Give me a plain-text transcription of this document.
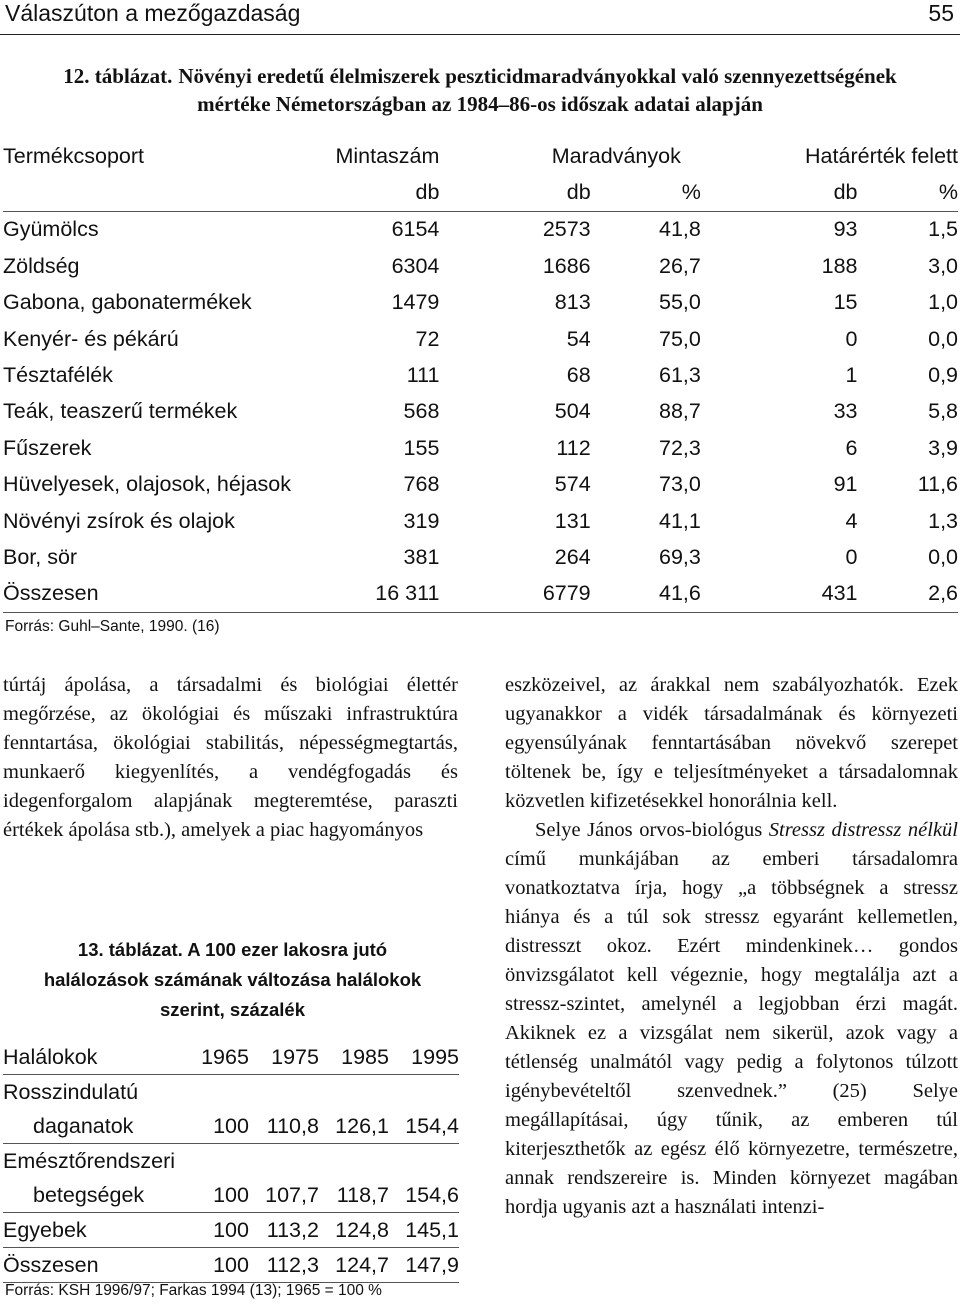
Válaszúton a mezőgazdaság	55
12. táblázat. Növényi eredetű élelmiszerek peszticidmaradványokkal való szennyezettségének
mértéke Németországban az 1984–86-os időszak adatai alapján
Termékcsoport	Mintaszám	Maradványok		Határérték felett	
	db	db	%	db	%
Gyümölcs	6154	2573	41,8	93	1,5
Zöldség	6304	1686	26,7	188	3,0
Gabona, gabonatermékek	1479	813	55,0	15	1,0
Kenyér- és pékárú	72	54	75,0	0	0,0
Tésztafélék	111	68	61,3	1	0,9
Teák, teaszerű termékek	568	504	88,7	33	5,8
Fűszerek	155	112	72,3	6	3,9
Hüvelyesek, olajosok, héjasok	768	574	73,0	91	11,6
Növényi zsírok és olajok	319	131	41,1	4	1,3
Bor, sör	381	264	69,3	0	0,0
Összesen	16 311	6779	41,6	431	2,6
Forrás: Guhl–Sante, 1990. (16)

túrtáj ápolása, a társadalmi és biológiai élettér megőrzése, az ökológiai és műszaki infrastruktúra fenntartása, ökológiai stabilitás, népességmegtartás, munkaerő kiegyenlítés, a vendégfogadás és idegenforgalom alapjának megteremtése, paraszti értékek ápolása stb.), amelyek a piac hagyományos

13. táblázat. A 100 ezer lakosra jutó
halálozások számának változása halálokok
szerint, százalék
Halálokok	1965	1975	1985	1995
Rosszindulatú				
daganatok	100	110,8	126,1	154,4
Emésztőrendszeri				
betegségek	100	107,7	118,7	154,6
Egyebek	100	113,2	124,8	145,1
Összesen	100	112,3	124,7	147,9
Forrás: KSH 1996/97; Farkas 1994 (13); 1965 = 100 %

eszközeivel, az árakkal nem szabályozhatók. Ezek ugyanakkor a vidék társadalmának és környezeti egyensúlyának fenntartásában növekvő szerepet töltenek be, így e teljesítményeket a társadalomnak közvetlen kifizetésekkel honorálnia kell.

Selye János orvos-biológus Stressz distressz nélkül című munkájában az emberi társadalomra vonatkoztatva írja, hogy „a többségnek a stressz hiánya és a túl sok stressz egyaránt kellemetlen, distresszt okoz. Ezért mindenkinek… gondos önvizsgálatot kell végeznie, hogy megtalálja azt a stressz-szintet, amelynél a legjobban érzi magát. Akiknek ez a vizsgálat nem sikerül, azok vagy a tétlenség unalmától vagy pedig a folytonos túlzott igénybevételtől szenvednek.” (25) Selye megállapításai, úgy tűnik, az emberen túl kiterjeszthetők az egész élő környezetre, természetre, annak rendszereire is. Minden környezet magában hordja ugyanis azt a használati intenzi-
